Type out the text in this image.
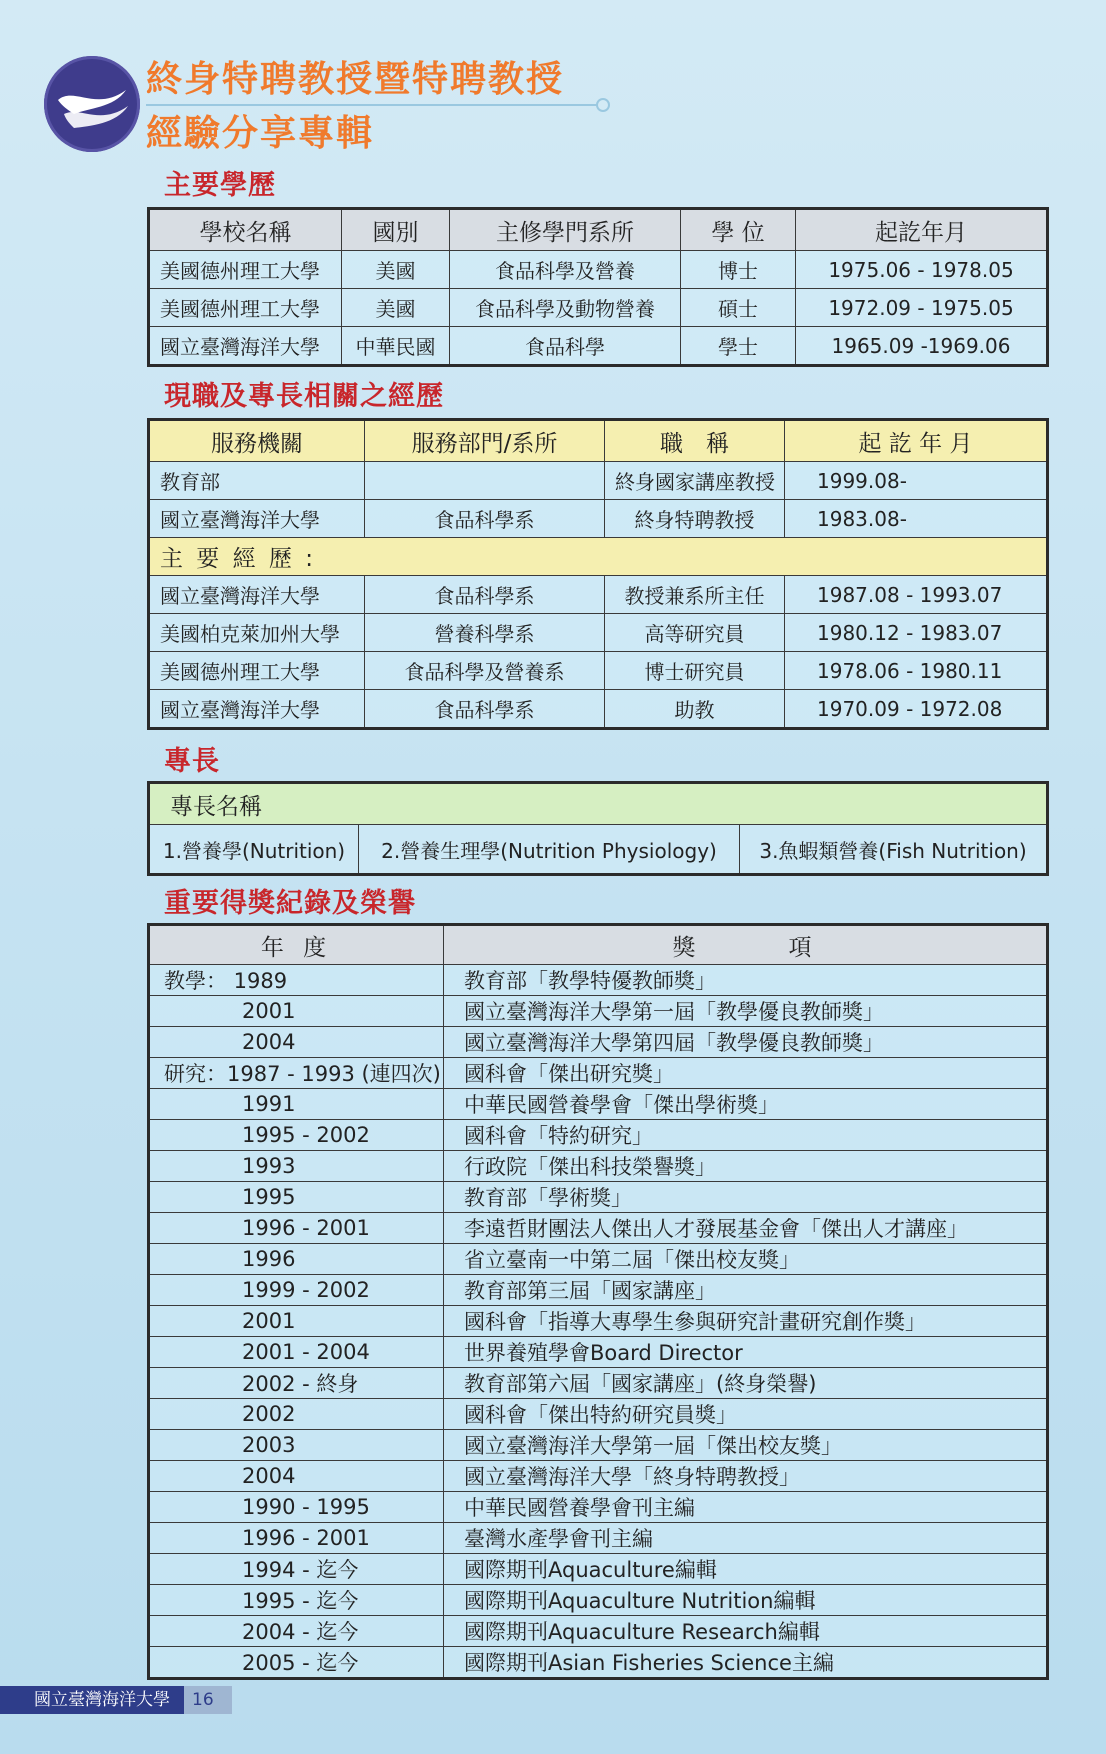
終身特聘教授暨特聘教授
經驗分享專輯
主要學歷
學校名稱	國別	主修學門系所	學 位	起訖年月
美國德州理工大學	美國	食品科學及營養	博士	1975.06 - 1978.05
美國德州理工大學	美國	食品科學及動物營養	碩士	1972.09 - 1975.05
國立臺灣海洋大學	中華民國	食品科學	學士	1965.09 -1969.06
現職及專長相關之經歷
服務機關	服務部門/系所	職　稱	起 訖 年 月
教育部		終身國家講座教授	1999.08-
國立臺灣海洋大學	食品科學系	終身特聘教授	1983.08-
主 要 經 歷 :			
國立臺灣海洋大學	食品科學系	教授兼系所主任	1987.08 - 1993.07
美國柏克萊加州大學	營養科學系	高等研究員	1980.12 - 1983.07
美國德州理工大學	食品科學及營養系	博士研究員	1978.06 - 1980.11
國立臺灣海洋大學	食品科學系	助教	1970.09 - 1972.08
專長
專長名稱
1.營養學(Nutrition)	2.營養生理學(Nutrition Physiology)	3.魚蝦類營養(Fish Nutrition)
重要得獎紀錄及榮譽
年 度	獎　　　項
教學： 1989	教育部「教學特優教師獎」
2001	國立臺灣海洋大學第一屆「教學優良教師獎」
2004	國立臺灣海洋大學第四屆「教學優良教師獎」
研究：1987 - 1993 (連四次)	國科會「傑出研究獎」
1991	中華民國營養學會「傑出學術獎」
1995 - 2002	國科會「特約研究」
1993	行政院「傑出科技榮譽獎」
1995	教育部「學術獎」
1996 - 2001	李遠哲財團法人傑出人才發展基金會「傑出人才講座」
1996	省立臺南一中第二屆「傑出校友獎」
1999 - 2002	教育部第三屆「國家講座」
2001	國科會「指導大專學生參與研究計畫研究創作獎」
2001 - 2004	世界養殖學會Board Director
2002 - 終身	教育部第六屆「國家講座」(終身榮譽)
2002	國科會「傑出特約研究員獎」
2003	國立臺灣海洋大學第一屆「傑出校友獎」
2004	國立臺灣海洋大學「終身特聘教授」
1990 - 1995	中華民國營養學會刊主編
1996 - 2001	臺灣水產學會刊主編
1994 - 迄今	國際期刊Aquaculture編輯
1995 - 迄今	國際期刊Aquaculture Nutrition編輯
2004 - 迄今	國際期刊Aquaculture Research編輯
2005 - 迄今	國際期刊Asian Fisheries Science主編
國立臺灣海洋大學	16
